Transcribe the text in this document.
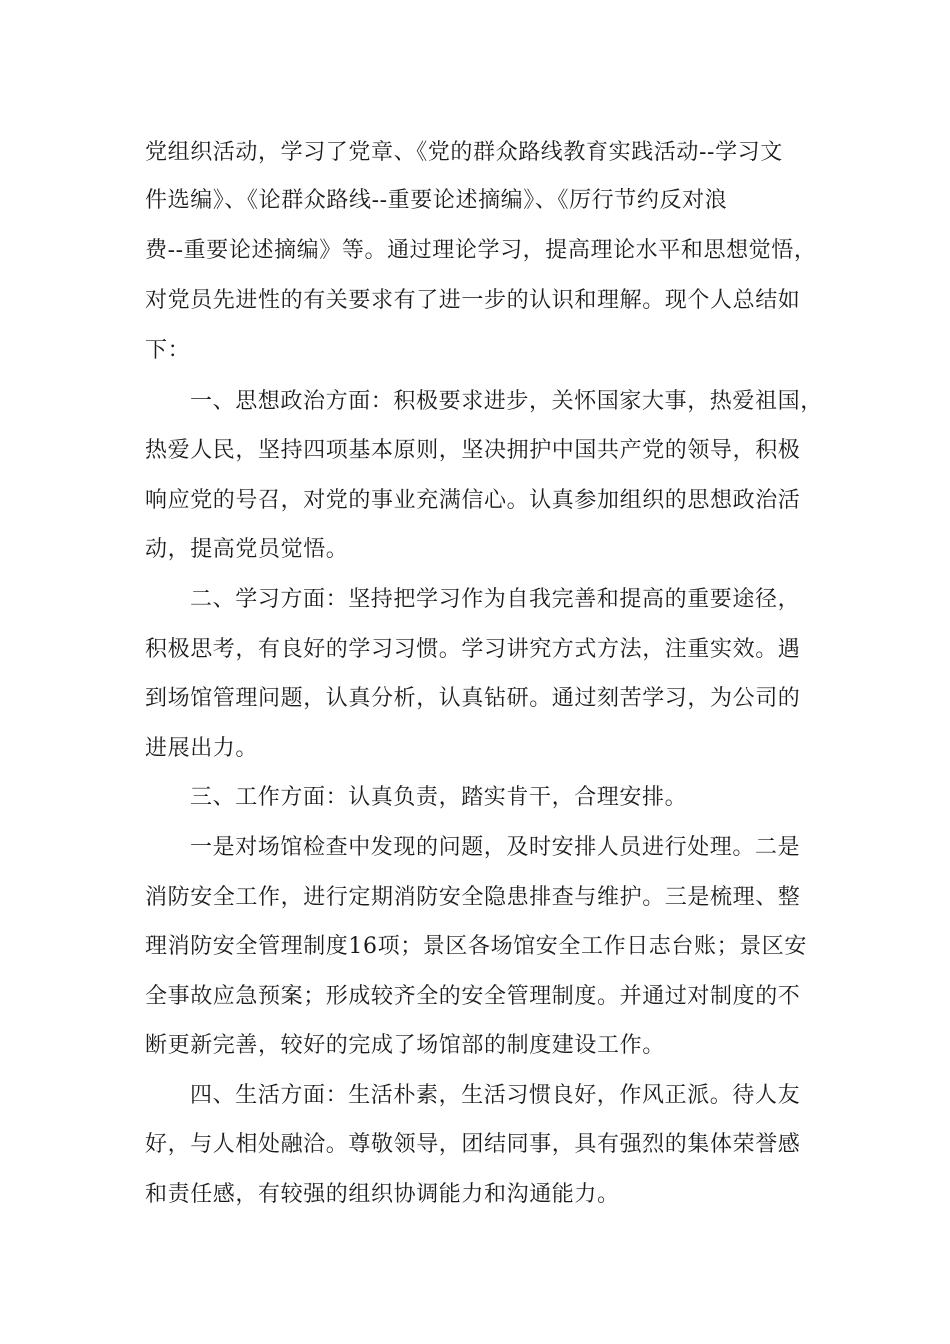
党组织活动，学习了党章、《党的群众路线教育实践活动--学习文

件选编》、《论群众路线--重要论述摘编》、《厉行节约反对浪

费--重要论述摘编》等。通过理论学习，提高理论水平和思想觉悟，

对党员先进性的有关要求有了进一步的认识和理解。现个人总结如

下：

一、思想政治方面：积极要求进步，关怀国家大事，热爱祖国，

热爱人民，坚持四项基本原则，坚决拥护中国共产党的领导，积极

响应党的号召，对党的事业充满信心。认真参加组织的思想政治活

动，提高党员觉悟。

二、学习方面：坚持把学习作为自我完善和提高的重要途径，

积极思考，有良好的学习习惯。学习讲究方式方法，注重实效。遇

到场馆管理问题，认真分析，认真钻研。通过刻苦学习，为公司的

进展出力。

三、工作方面：认真负责，踏实肯干，合理安排。

一是对场馆检查中发现的问题，及时安排人员进行处理。二是

消防安全工作，进行定期消防安全隐患排查与维护。三是梳理、整

理消防安全管理制度16项；景区各场馆安全工作日志台账；景区安

全事故应急预案；形成较齐全的安全管理制度。并通过对制度的不

断更新完善，较好的完成了场馆部的制度建设工作。

四、生活方面：生活朴素，生活习惯良好，作风正派。待人友

好，与人相处融洽。尊敬领导，团结同事，具有强烈的集体荣誉感

和责任感，有较强的组织协调能力和沟通能力。
